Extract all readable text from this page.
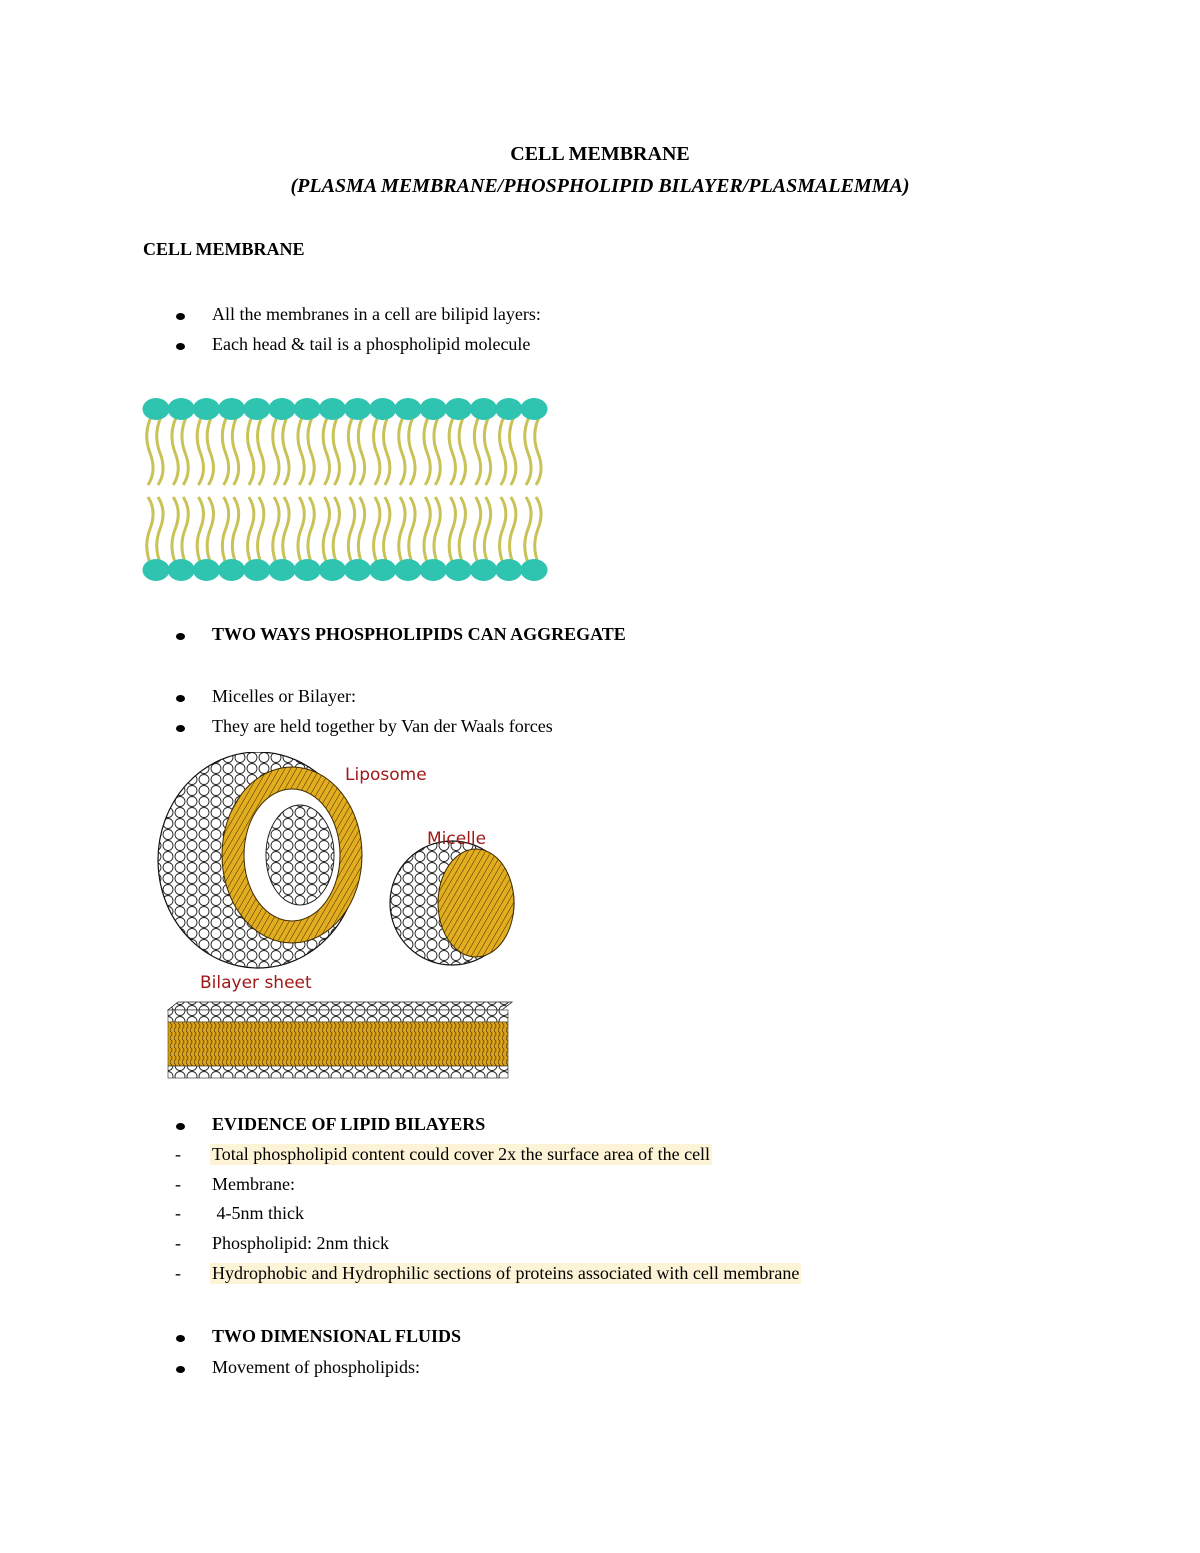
CELL MEMBRANE
(PLASMA MEMBRANE/PHOSPHOLIPID BILAYER/PLASMALEMMA)
CELL MEMBRANE
All the membranes in a cell are bilipid layers:
Each head & tail is a phospholipid molecule
TWO WAYS PHOSPHOLIPIDS CAN AGGREGATE
Micelles or Bilayer:
They are held together by Van der Waals forces
Liposome
Micelle
Bilayer sheet
EVIDENCE OF LIPID BILAYERS
- Total phospholipid content could cover 2x the surface area of the cell
- Membrane:
- 4-5nm thick
- Phospholipid: 2nm thick
- Hydrophobic and Hydrophilic sections of proteins associated with cell membrane
TWO DIMENSIONAL FLUIDS
Movement of phospholipids:
